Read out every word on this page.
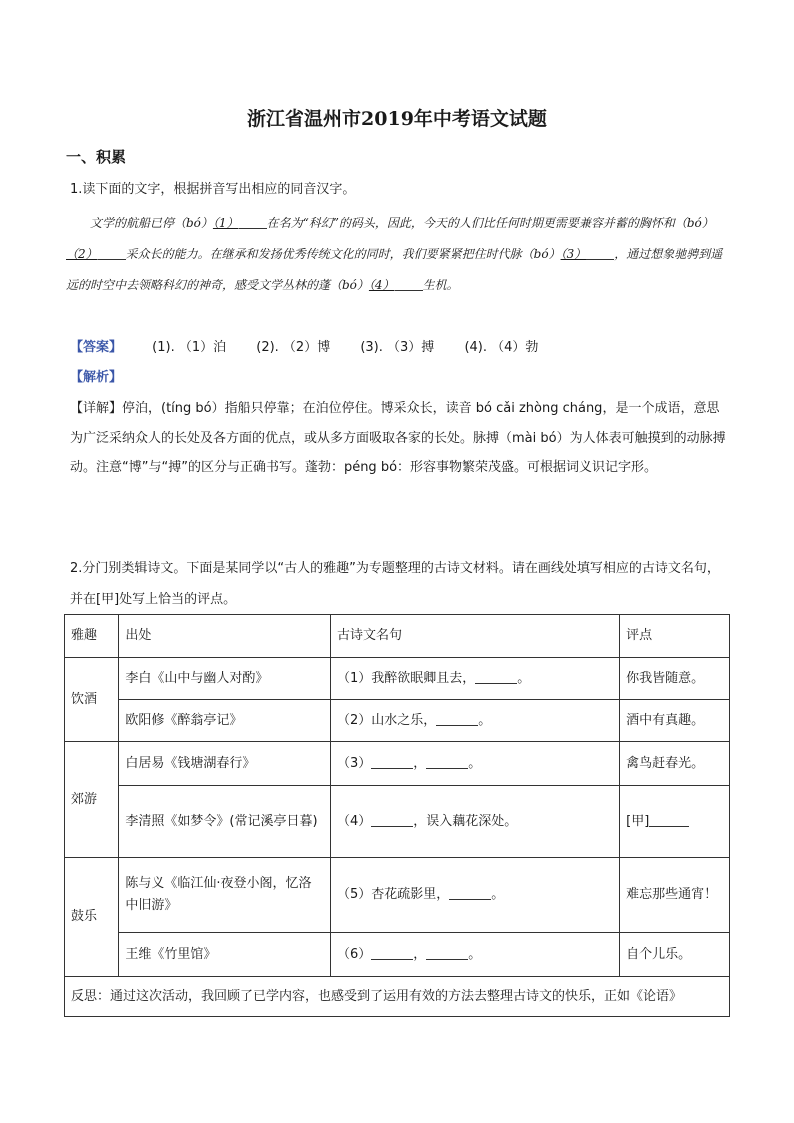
浙江省温州市2019年中考语文试题
一、积累
1.读下面的文字，根据拼音写出相应的同音汉字。
文学的航船已停（bó）（1） 在名为“科幻”的码头，因此，今天的人们比任何时期更需要兼容并蓄的胸怀和（bó）（2） 采众长的能力。在继承和发扬优秀传统文化的同时，我们要紧紧把住时代脉（bó）（3） ，通过想象驰骋到遥远的时空中去领略科幻的神奇，感受文学丛林的蓬（bó）（4） 生机。
【答案】 (1). （1）泊 (2). （2）博 (3). （3）搏 (4). （4）勃
【解析】
【详解】停泊，(tíng bó）指船只停靠；在泊位停住。博采众长，读音 bó cǎi zhòng cháng，是一个成语，意思为广泛采纳众人的长处及各方面的优点，或从多方面吸取各家的长处。脉搏（mài bó）为人体表可触摸到的动脉搏动。注意“博”与“搏”的区分与正确书写。蓬勃：péng bó：形容事物繁荣茂盛。可根据词义识记字形。
2.分门别类辑诗文。下面是某同学以“古人的雅趣”为专题整理的古诗文材料。请在画线处填写相应的古诗文名句，并在[甲]处写上恰当的评点。
雅趣	出处	古诗文名句	评点
饮酒	李白《山中与幽人对酌》	（1）我醉欲眠卿且去， 。	你我皆随意。
	欧阳修《醉翁亭记》	（2）山水之乐， 。	酒中有真趣。
郊游	白居易《钱塘湖春行》	（3） ， 。	禽鸟赶春光。
	李清照《如梦令》(常记溪亭日暮)	（4） ，误入藕花深处。	[甲]
鼓乐	陈与义《临江仙·夜登小阁，忆洛中旧游》	（5）杏花疏影里， 。	难忘那些通宵！
	王维《竹里馆》	（6） ， 。	自个儿乐。
反思：通过这次活动，我回顾了已学内容，也感受到了运用有效的方法去整理古诗文的快乐，正如《论语》			
